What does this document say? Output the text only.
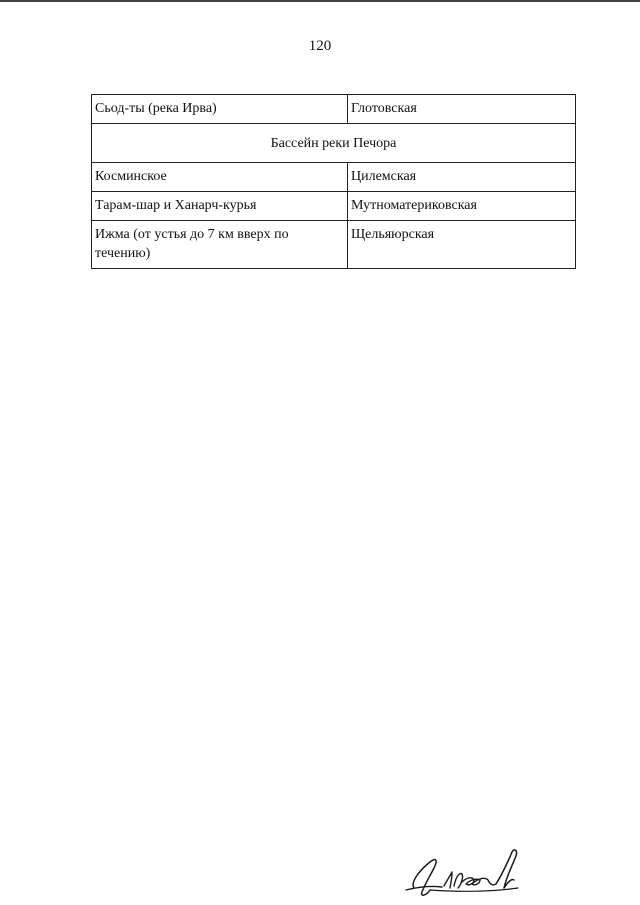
120
Сьод-ты (река Ирва)	Глотовская
Бассейн реки Печора	
Косминское	Цилемская
Тарам-шар и Ханарч-курья	Мутноматериковская
Ижма (от устья до 7 км вверх по течению)	Щельяюрская
